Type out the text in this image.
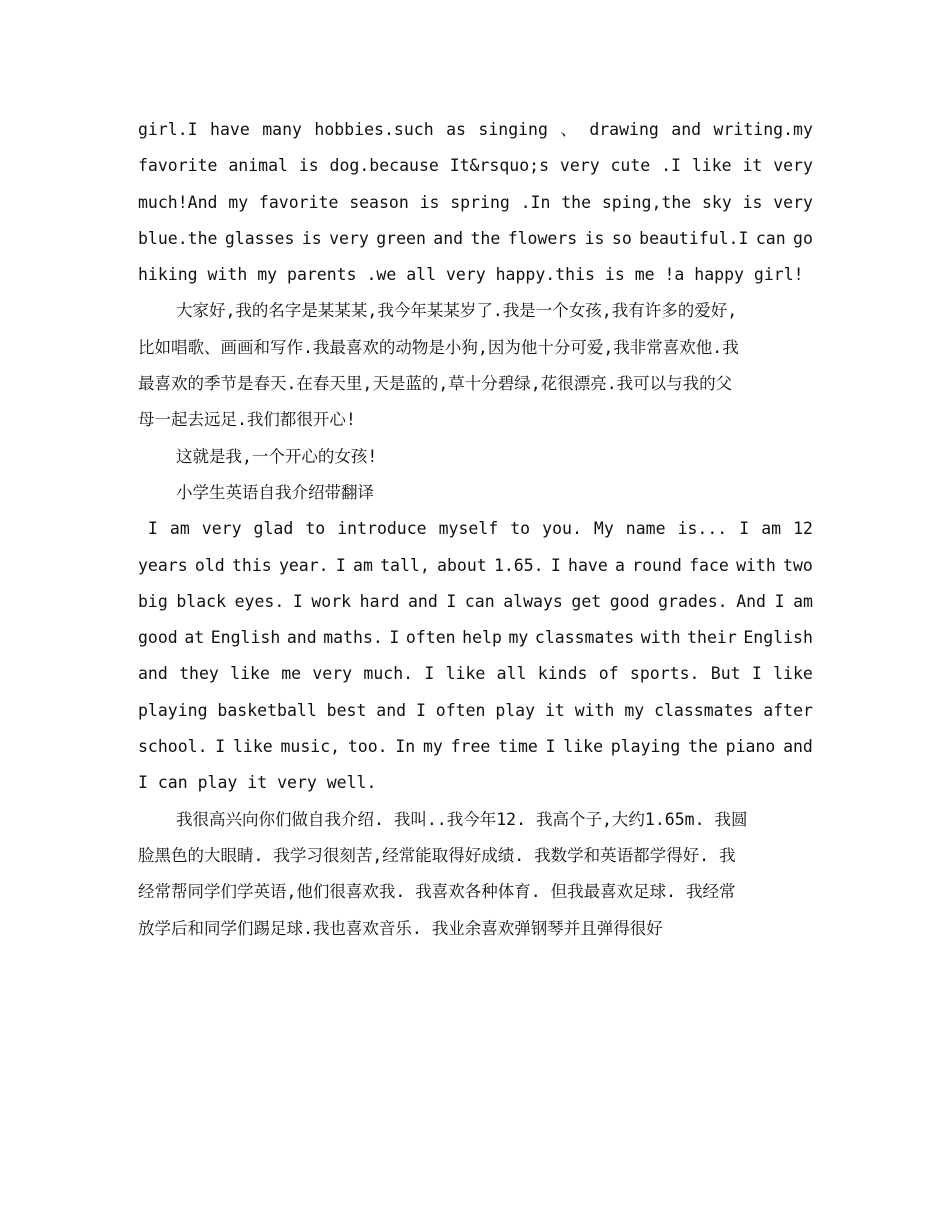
girl.I have many hobbies.such as singing 、 drawing and writing.my
favorite animal is dog.because It&rsquo;s very cute .I like it very
much!And my favorite season is spring .In the sping,the sky is very
blue.the glasses is very green and the flowers is so beautiful.I can go
hiking with my parents .we all very happy.this is me !a happy girl!

大家好,我的名字是某某某,我今年某某岁了.我是一个女孩,我有许多的爱好,
比如唱歌、画画和写作.我最喜欢的动物是小狗,因为他十分可爱,我非常喜欢他.我
最喜欢的季节是春天.在春天里,天是蓝的,草十分碧绿,花很漂亮.我可以与我的父
母一起去远足.我们都很开心!

这就是我,一个开心的女孩!

小学生英语自我介绍带翻译

I am very glad to introduce myself to you. My name is... I am 12
years old this year. I am tall, about 1.65. I have a round face with two
big black eyes. I work hard and I can always get good grades. And I am
good at English and maths. I often help my classmates with their English
and they like me very much. I like all kinds of sports. But I like
playing basketball best and I often play it with my classmates after
school. I like music, too. In my free time I like playing the piano and
I can play it very well.

我很高兴向你们做自我介绍. 我叫..我今年12. 我高个子,大约1.65m. 我圆
脸黑色的大眼睛. 我学习很刻苦,经常能取得好成绩. 我数学和英语都学得好. 我
经常帮同学们学英语,他们很喜欢我. 我喜欢各种体育. 但我最喜欢足球. 我经常
放学后和同学们踢足球.我也喜欢音乐. 我业余喜欢弹钢琴并且弹得很好
